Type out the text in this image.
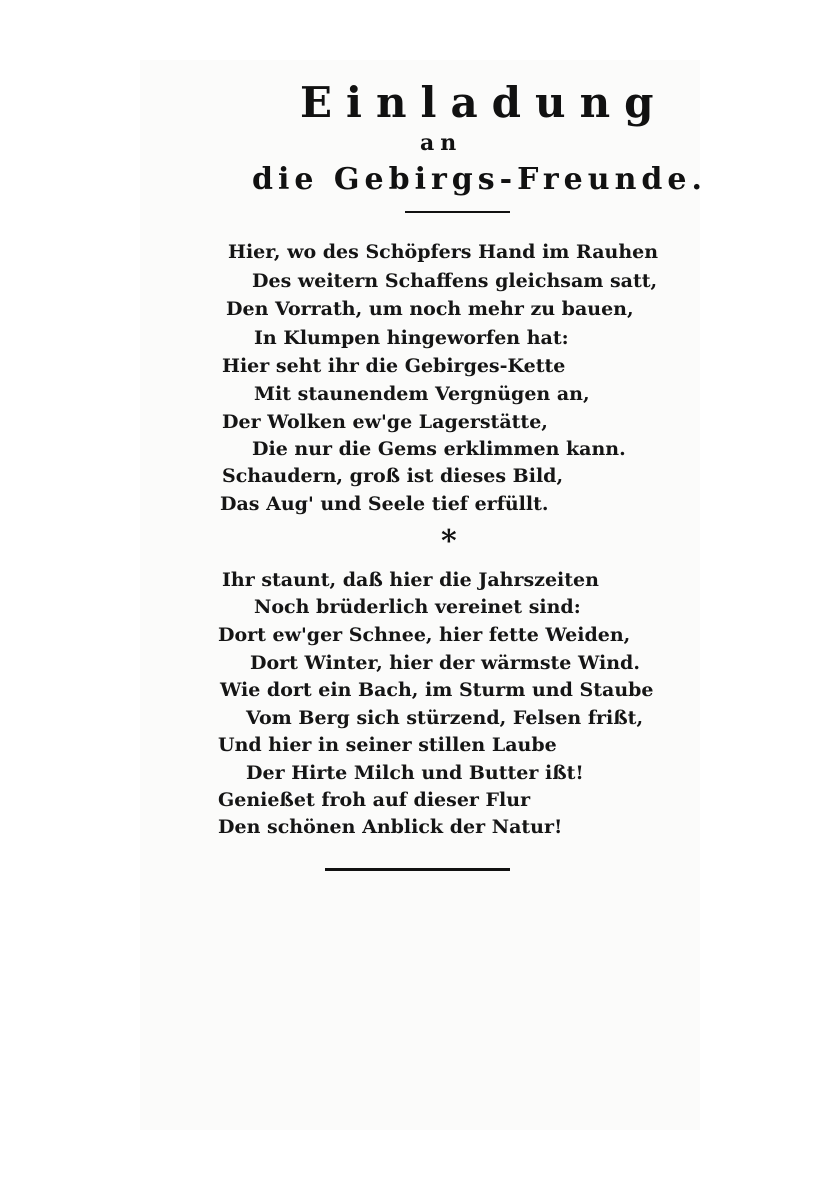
Einladung
an
die Gebirgs-Freunde.
Hier, wo des Schöpfers Hand im Rauhen
Des weitern Schaffens gleichsam satt,
Den Vorrath, um noch mehr zu bauen,
In Klumpen hingeworfen hat:
Hier seht ihr die Gebirges-Kette
Mit staunendem Vergnügen an,
Der Wolken ew'ge Lagerstätte,
Die nur die Gems erklimmen kann.
Schaudern, groß ist dieses Bild,
Das Aug' und Seele tief erfüllt.
*
Ihr staunt, daß hier die Jahrszeiten
Noch brüderlich vereinet sind:
Dort ew'ger Schnee, hier fette Weiden,
Dort Winter, hier der wärmste Wind.
Wie dort ein Bach, im Sturm und Staube
Vom Berg sich stürzend, Felsen frißt,
Und hier in seiner stillen Laube
Der Hirte Milch und Butter ißt!
Genießet froh auf dieser Flur
Den schönen Anblick der Natur!
